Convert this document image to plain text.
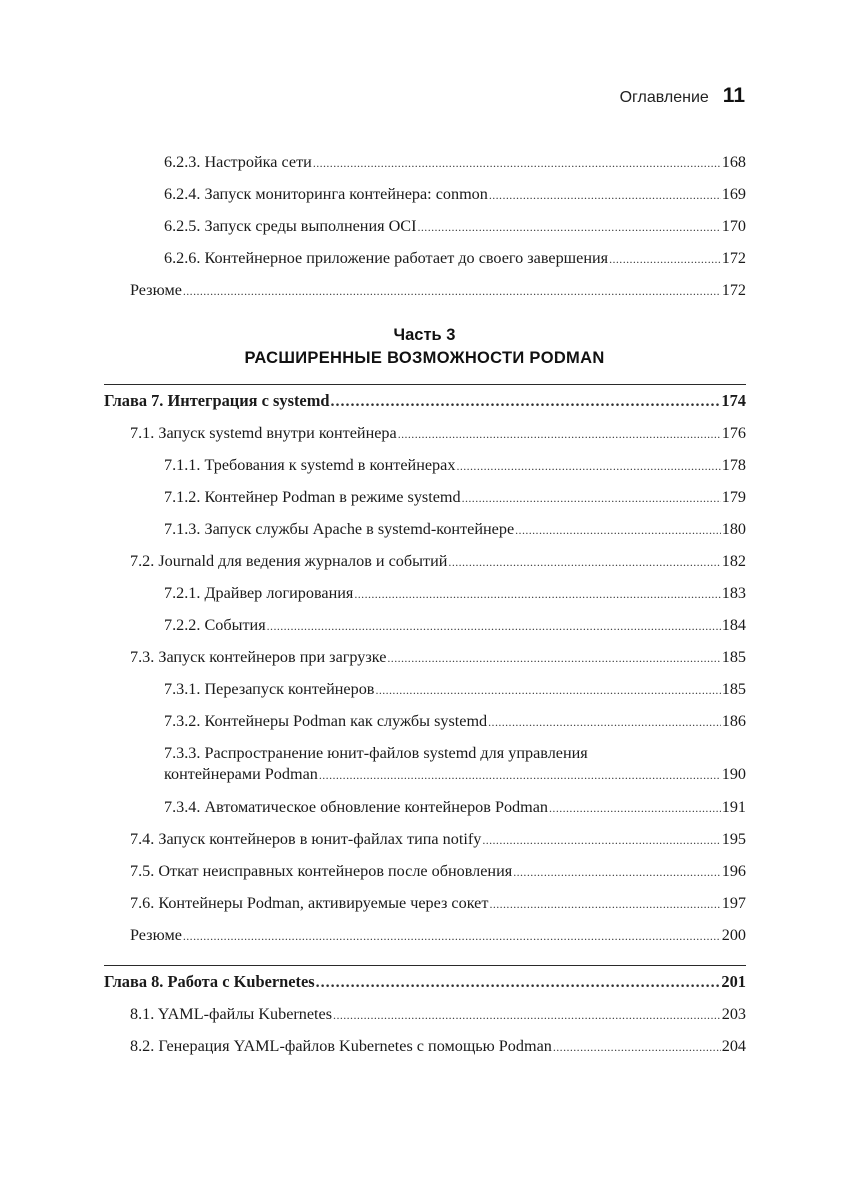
Оглавление 11
6.2.3. Настройка сети .....	168
6.2.4. Запуск мониторинга контейнера: conmon .....	169
6.2.5. Запуск среды выполнения OCI .....	170
6.2.6. Контейнерное приложение работает до своего завершения .....	172
Резюме .....	172
Часть 3
РАСШИРЕННЫЕ ВОЗМОЖНОСТИ PODMAN
Глава 7. Интеграция с systemd .....	174
7.1. Запуск systemd внутри контейнера .....	176
7.1.1. Требования к systemd в контейнерах .....	178
7.1.2. Контейнер Podman в режиме systemd .....	179
7.1.3. Запуск службы Apache в systemd-контейнере .....	180
7.2. Journald для ведения журналов и событий .....	182
7.2.1. Драйвер логирования .....	183
7.2.2. События .....	184
7.3. Запуск контейнеров при загрузке .....	185
7.3.1. Перезапуск контейнеров .....	185
7.3.2. Контейнеры Podman как службы systemd .....	186
7.3.3. Распространение юнит-файлов systemd для управления
контейнерами Podman .....	190
7.3.4. Автоматическое обновление контейнеров Podman .....	191
7.4. Запуск контейнеров в юнит-файлах типа notify .....	195
7.5. Откат неисправных контейнеров после обновления .....	196
7.6. Контейнеры Podman, активируемые через сокет .....	197
Резюме .....	200
Глава 8. Работа с Kubernetes .....	201
8.1. YAML-файлы Kubernetes .....	203
8.2. Генерация YAML-файлов Kubernetes с помощью Podman .....	204
